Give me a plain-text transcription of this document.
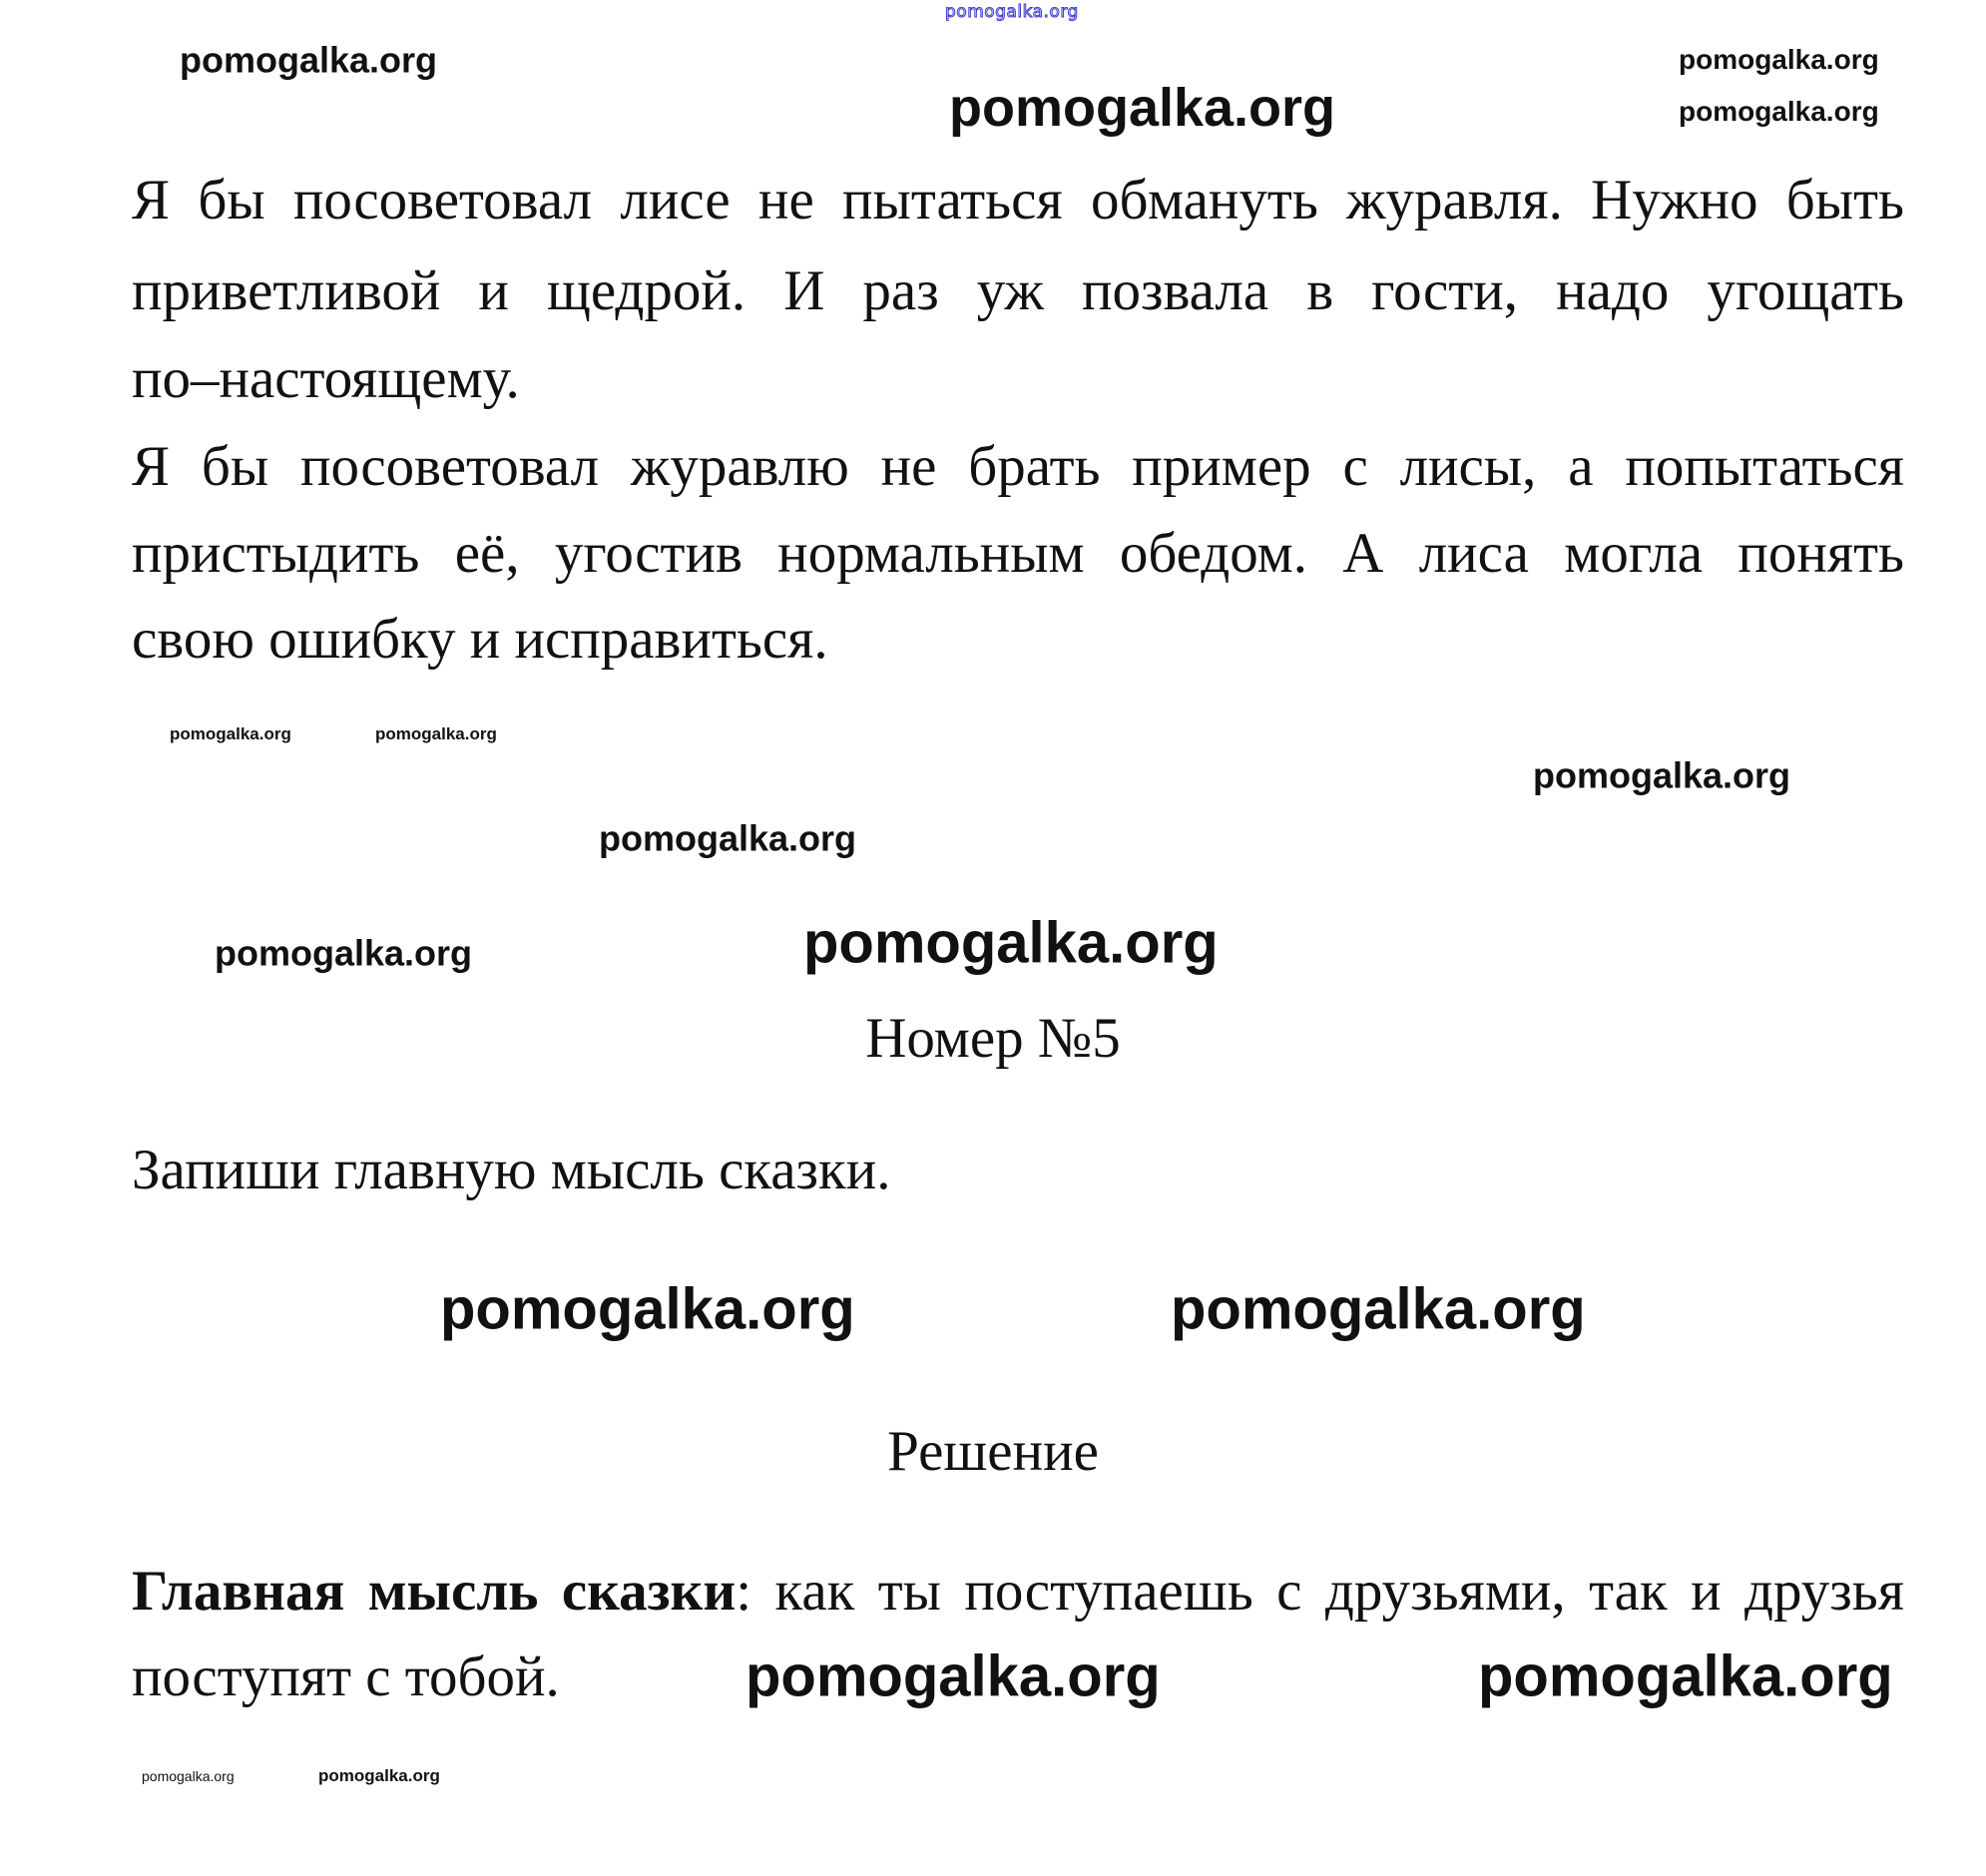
pomogalka.org
Я бы посоветовал лисе не пытаться обмануть журавля. Нужно быть
приветливой и щедрой. И раз уж позвала в гости, надо угощать
по–настоящему.
Я бы посоветовал журавлю не брать пример с лисы, а попытаться
пристыдить её, угостив нормальным обедом. А лиса могла понять
свою ошибку и исправиться.
Номер №5
Запиши главную мысль сказки.
Решение
Главная мысль сказки: как ты поступаешь с друзьями, так и друзья
поступят с тобой.
pomogalka.org	pomogalka.org
pomogalka.org	pomogalka.org
pomogalka.org
pomogalka.org	pomogalka.org
pomogalka.org
pomogalka.org	pomogalka.org
pomogalka.org	pomogalka.org
pomogalka.org	pomogalka.org
pomogalka.org	pomogalka.org
